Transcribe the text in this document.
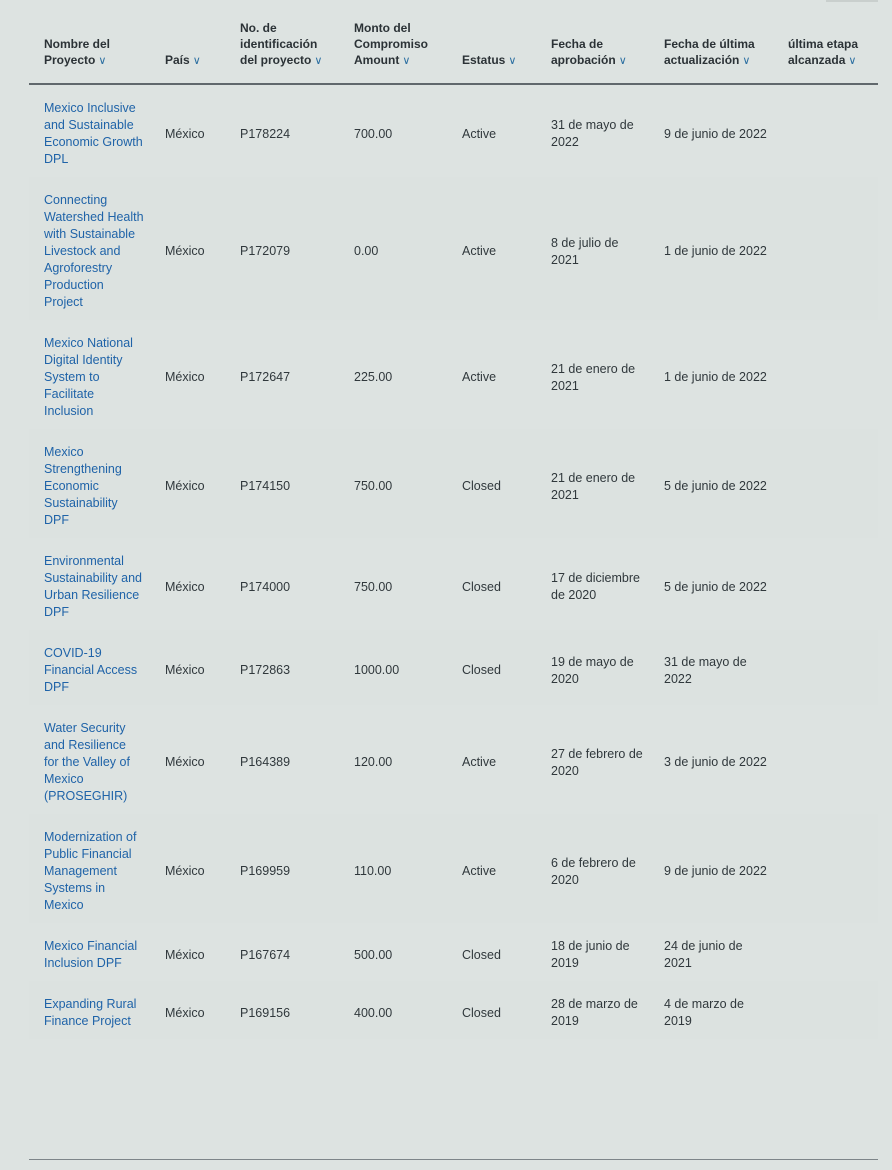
Nombre del Proyecto ∨	País ∨	No. de identificación del proyecto ∨	Monto del Compromiso Amount ∨	Estatus ∨	Fecha de aprobación ∨	Fecha de última actualización ∨	última etapa alcanzada ∨
Mexico Inclusive and Sustainable Economic Growth DPL	México	P178224	700.00	Active	31 de mayo de 2022	9 de junio de 2022	
Connecting Watershed Health with Sustainable Livestock and Agroforestry Production Project	México	P172079	0.00	Active	8 de julio de 2021	1 de junio de 2022	
Mexico National Digital Identity System to Facilitate Inclusion	México	P172647	225.00	Active	21 de enero de 2021	1 de junio de 2022	
Mexico Strengthening Economic Sustainability DPF	México	P174150	750.00	Closed	21 de enero de 2021	5 de junio de 2022	
Environmental Sustainability and Urban Resilience DPF	México	P174000	750.00	Closed	17 de diciembre de 2020	5 de junio de 2022	
COVID-19 Financial Access DPF	México	P172863	1000.00	Closed	19 de mayo de 2020	31 de mayo de 2022	
Water Security and Resilience for the Valley of Mexico (PROSEGHIR)	México	P164389	120.00	Active	27 de febrero de 2020	3 de junio de 2022	
Modernization of Public Financial Management Systems in Mexico	México	P169959	110.00	Active	6 de febrero de 2020	9 de junio de 2022	
Mexico Financial Inclusion DPF	México	P167674	500.00	Closed	18 de junio de 2019	24 de junio de 2021	
Expanding Rural Finance Project	México	P169156	400.00	Closed	28 de marzo de 2019	4 de marzo de 2019	
